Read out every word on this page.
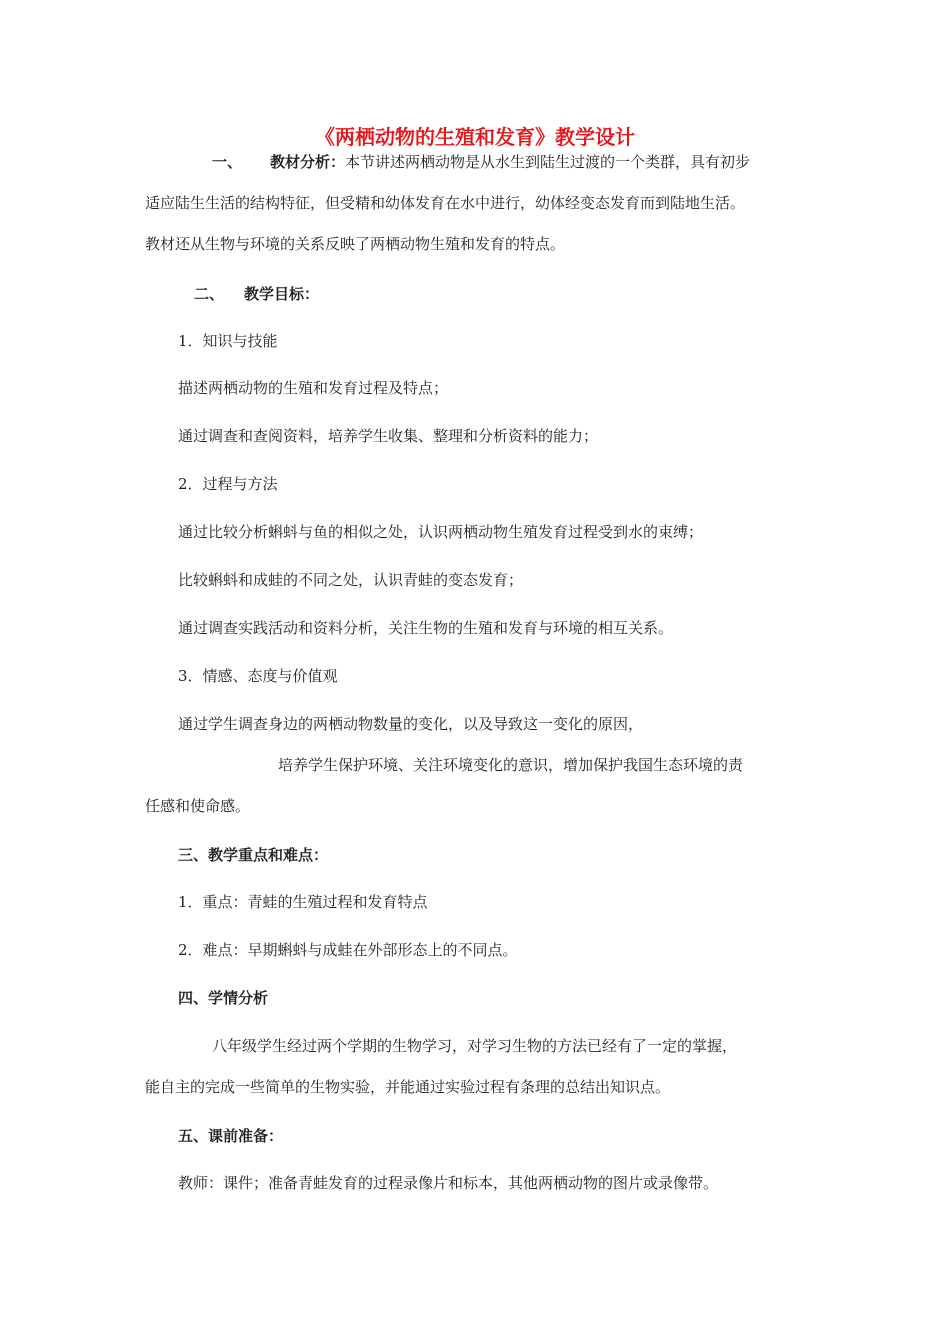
《两栖动物的生殖和发育》教学设计
一、 教材分析：本节讲述两栖动物是从水生到陆生过渡的一个类群，具有初步
适应陆生生活的结构特征，但受精和幼体发育在水中进行，幼体经变态发育而到陆地生活。
教材还从生物与环境的关系反映了两栖动物生殖和发育的特点。
二、 教学目标：
1．知识与技能
描述两栖动物的生殖和发育过程及特点；
通过调查和查阅资料，培养学生收集、整理和分析资料的能力；
2．过程与方法
通过比较分析蝌蚪与鱼的相似之处，认识两栖动物生殖发育过程受到水的束缚；
比较蝌蚪和成蛙的不同之处，认识青蛙的变态发育；
通过调查实践活动和资料分析，关注生物的生殖和发育与环境的相互关系。
3．情感、态度与价值观
通过学生调查身边的两栖动物数量的变化，以及导致这一变化的原因，
培养学生保护环境、关注环境变化的意识，增加保护我国生态环境的责
任感和使命感。
三、教学重点和难点：
1．重点：青蛙的生殖过程和发育特点
2．难点：早期蝌蚪与成蛙在外部形态上的不同点。
四、学情分析
八年级学生经过两个学期的生物学习，对学习生物的方法已经有了一定的掌握，
能自主的完成一些简单的生物实验，并能通过实验过程有条理的总结出知识点。
五、课前准备：
教师：课件；准备青蛙发育的过程录像片和标本，其他两栖动物的图片或录像带。
